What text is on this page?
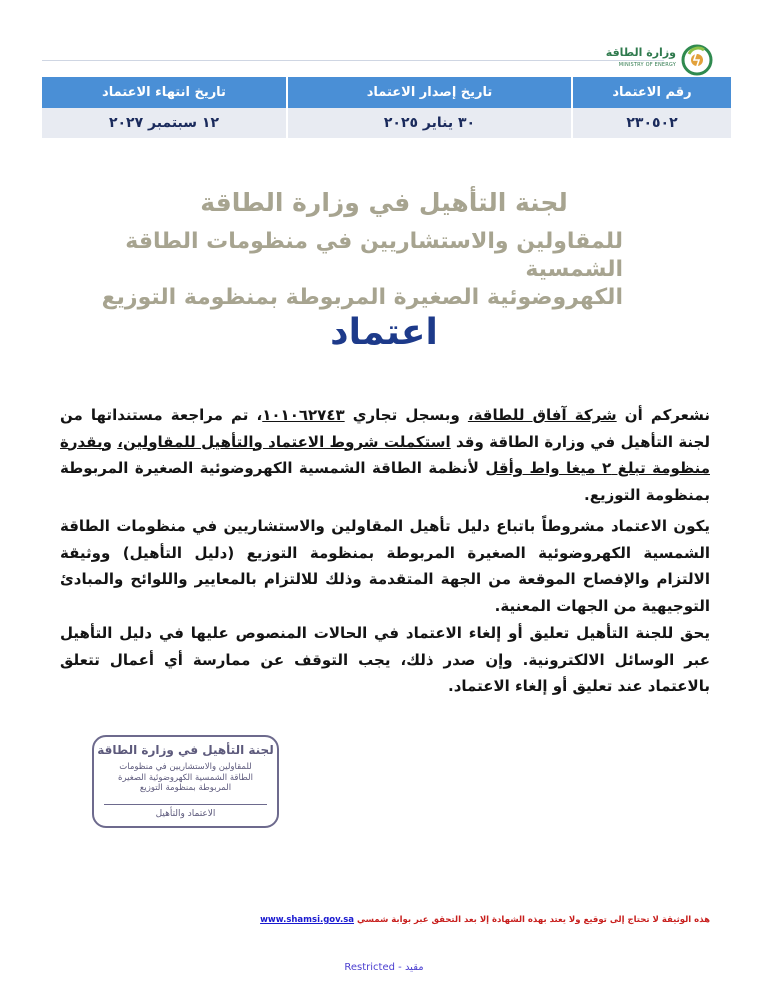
وزارة الطاقة
MINISTRY OF ENERGY
رقم الاعتماد	تاريخ إصدار الاعتماد	تاريخ انتهاء الاعتماد
٢٣٠٥٠٢	٣٠ يناير ٢٠٢٥	١٢ سبتمبر ٢٠٢٧
لجنة التأهيل في وزارة الطاقة
للمقاولين والاستشاريين في منظومات الطاقة الشمسية
الكهروضوئية الصغيرة المربوطة بمنظومة التوزيع
اعتماد
نشعركم أن شركة آفاق للطاقة، وبسجل تجاري ١٠١٠٦٢٧٤٣، تم مراجعة مستنداتها من لجنة التأهيل في وزارة الطاقة وقد استكملت شروط الاعتماد والتأهيل للمقاولين، وبقدرة منظومة تبلغ ٢ ميغا واط وأقل لأنظمة الطاقة الشمسية الكهروضوئية الصغيرة المربوطة بمنظومة التوزيع.
يكون الاعتماد مشروطاً باتباع دليل تأهيل المقاولين والاستشاريين في منظومات الطاقة الشمسية الكهروضوئية الصغيرة المربوطة بمنظومة التوزيع (دليل التأهيل) ووثيقة الالتزام والإفصاح الموقعة من الجهة المتقدمة وذلك للالتزام بالمعايير واللوائح والمبادئ التوجيهية من الجهات المعنية.
يحق للجنة التأهيل تعليق أو إلغاء الاعتماد في الحالات المنصوص عليها في دليل التأهيل عبر الوسائل الالكترونية. وإن صدر ذلك، يجب التوقف عن ممارسة أي أعمال تتعلق بالاعتماد عند تعليق أو إلغاء الاعتماد.
لجنة التأهيل في وزارة الطاقة
للمقاولين والاستشاريين في منظومات
الطاقة الشمسية الكهروضوئية الصغيرة
المربوطة بمنظومة التوزيع
الاعتماد والتأهيل
هذه الوثيقة لا تحتاج إلى توقيع ولا يعتد بهذه الشهادة إلا بعد التحقق عبر بوابة شمسي www.shamsi.gov.sa
Restricted - مقيد
